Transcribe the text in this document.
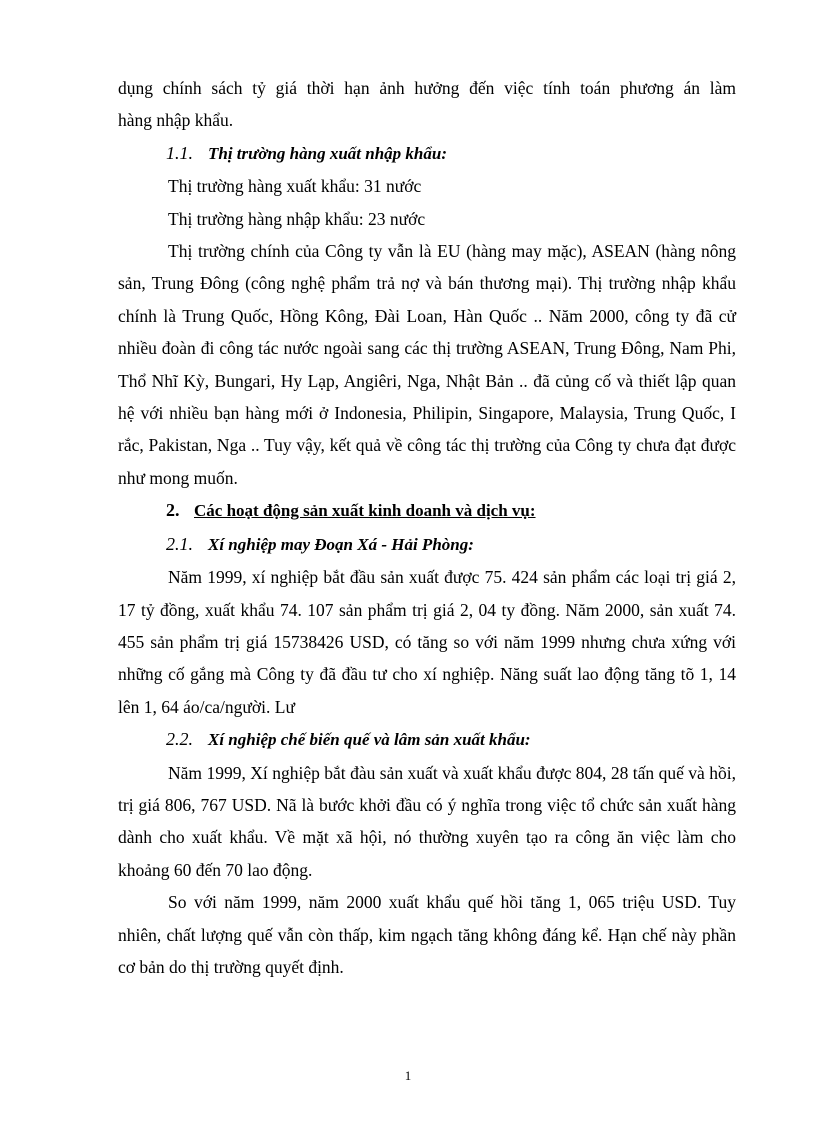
dụng chính sách tỷ giá thời hạn ảnh hưởng đến việc tính toán phương án làm

hàng nhập khẩu.

1.1. Thị trường hàng xuất nhập khẩu:

Thị trường hàng xuất khẩu: 31 nước

Thị trường hàng nhập khẩu: 23 nước

Thị trường chính của Công ty vẫn là EU (hàng may mặc), ASEAN (hàng nông sản, Trung Đông (công nghệ phẩm trả nợ và bán thương mại). Thị trường nhập khẩu chính là Trung Quốc, Hồng Kông, Đài Loan, Hàn Quốc .. Năm 2000, công ty đã cử nhiều đoàn đi công tác nước ngoài sang các thị trường ASEAN, Trung Đông, Nam Phi, Thổ Nhĩ Kỳ, Bungari, Hy Lạp, Angiêri, Nga, Nhật Bản .. đã củng cố và thiết lập quan hệ với nhiều bạn hàng mới ở Indonesia, Philipin, Singapore, Malaysia, Trung Quốc, I rắc, Pakistan, Nga .. Tuy vậy, kết quả về công tác thị trường của Công ty chưa đạt được như mong muốn.

2. Các hoạt động sản xuất kinh doanh và dịch vụ:

2.1. Xí nghiệp may Đoạn Xá - Hải Phòng:

Năm 1999, xí nghiệp bắt đầu sản xuất được 75. 424 sản phẩm các loại trị giá 2, 17 tỷ đồng, xuất khẩu 74. 107 sản phẩm trị giá 2, 04 ty đồng. Năm 2000, sản xuất 74. 455 sản phẩm trị giá 15738426 USD, có tăng so với năm 1999 nhưng chưa xứng với những cố gắng mà Công ty đã đầu tư cho xí nghiệp. Năng suất lao động tăng tõ 1, 14 lên 1, 64 áo/ca/người. Lư

2.2. Xí nghiệp chế biến quế và lâm sản xuất khẩu:

Năm 1999, Xí nghiệp bắt đàu sản xuất và xuất khẩu được 804, 28 tấn quế và hồi, trị giá 806, 767 USD. Nã là bước khởi đầu có ý nghĩa trong việc tổ chức sản xuất hàng dành cho xuất khẩu. Về mặt xã hội, nó thường xuyên tạo ra công ăn việc làm cho khoảng 60 đến 70 lao động.

So với năm 1999, năm 2000 xuất khẩu quế hồi tăng 1, 065 triệu USD. Tuy nhiên, chất lượng quế vẫn còn thấp, kim ngạch tăng không đáng kể. Hạn chế này phần cơ bản do thị trường quyết định.

1
